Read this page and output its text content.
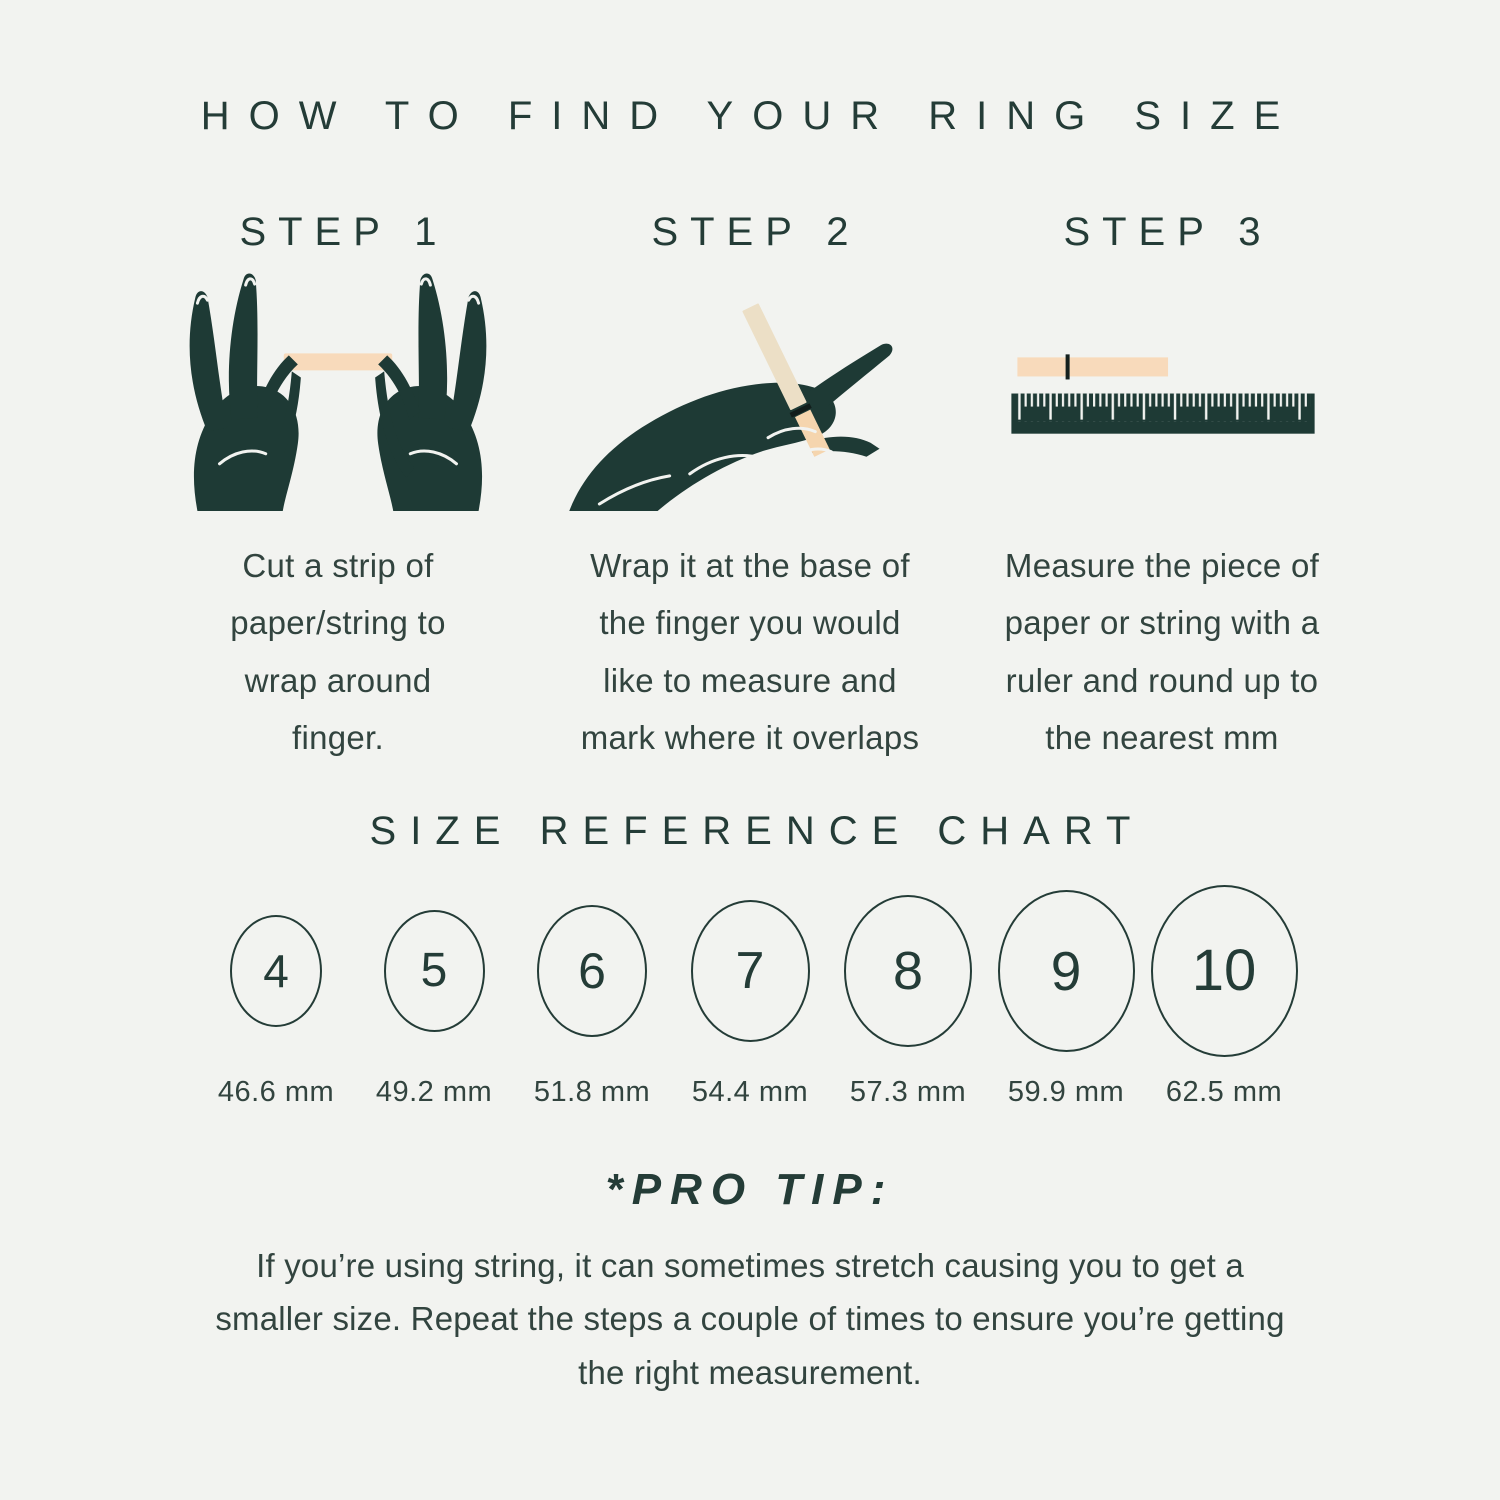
HOW TO FIND YOUR RING SIZE
STEP 1

Cut a strip of paper/string to wrap around finger.

STEP 2

Wrap it at the base of the finger you would like to measure and mark where it overlaps

STEP 3

Measure the piece of paper or string with a ruler and round up to the nearest mm

SIZE REFERENCE CHART
4	5	6 7 8 9 10
46.6 mm	49.2 mm	51.8 mm	54.4 mm	57.3 mm	59.9 mm	62.5 mm
*PRO TIP:

If you’re using string, it can sometimes stretch causing you to get a smaller size. Repeat the steps a couple of times to ensure you’re getting the right measurement.
